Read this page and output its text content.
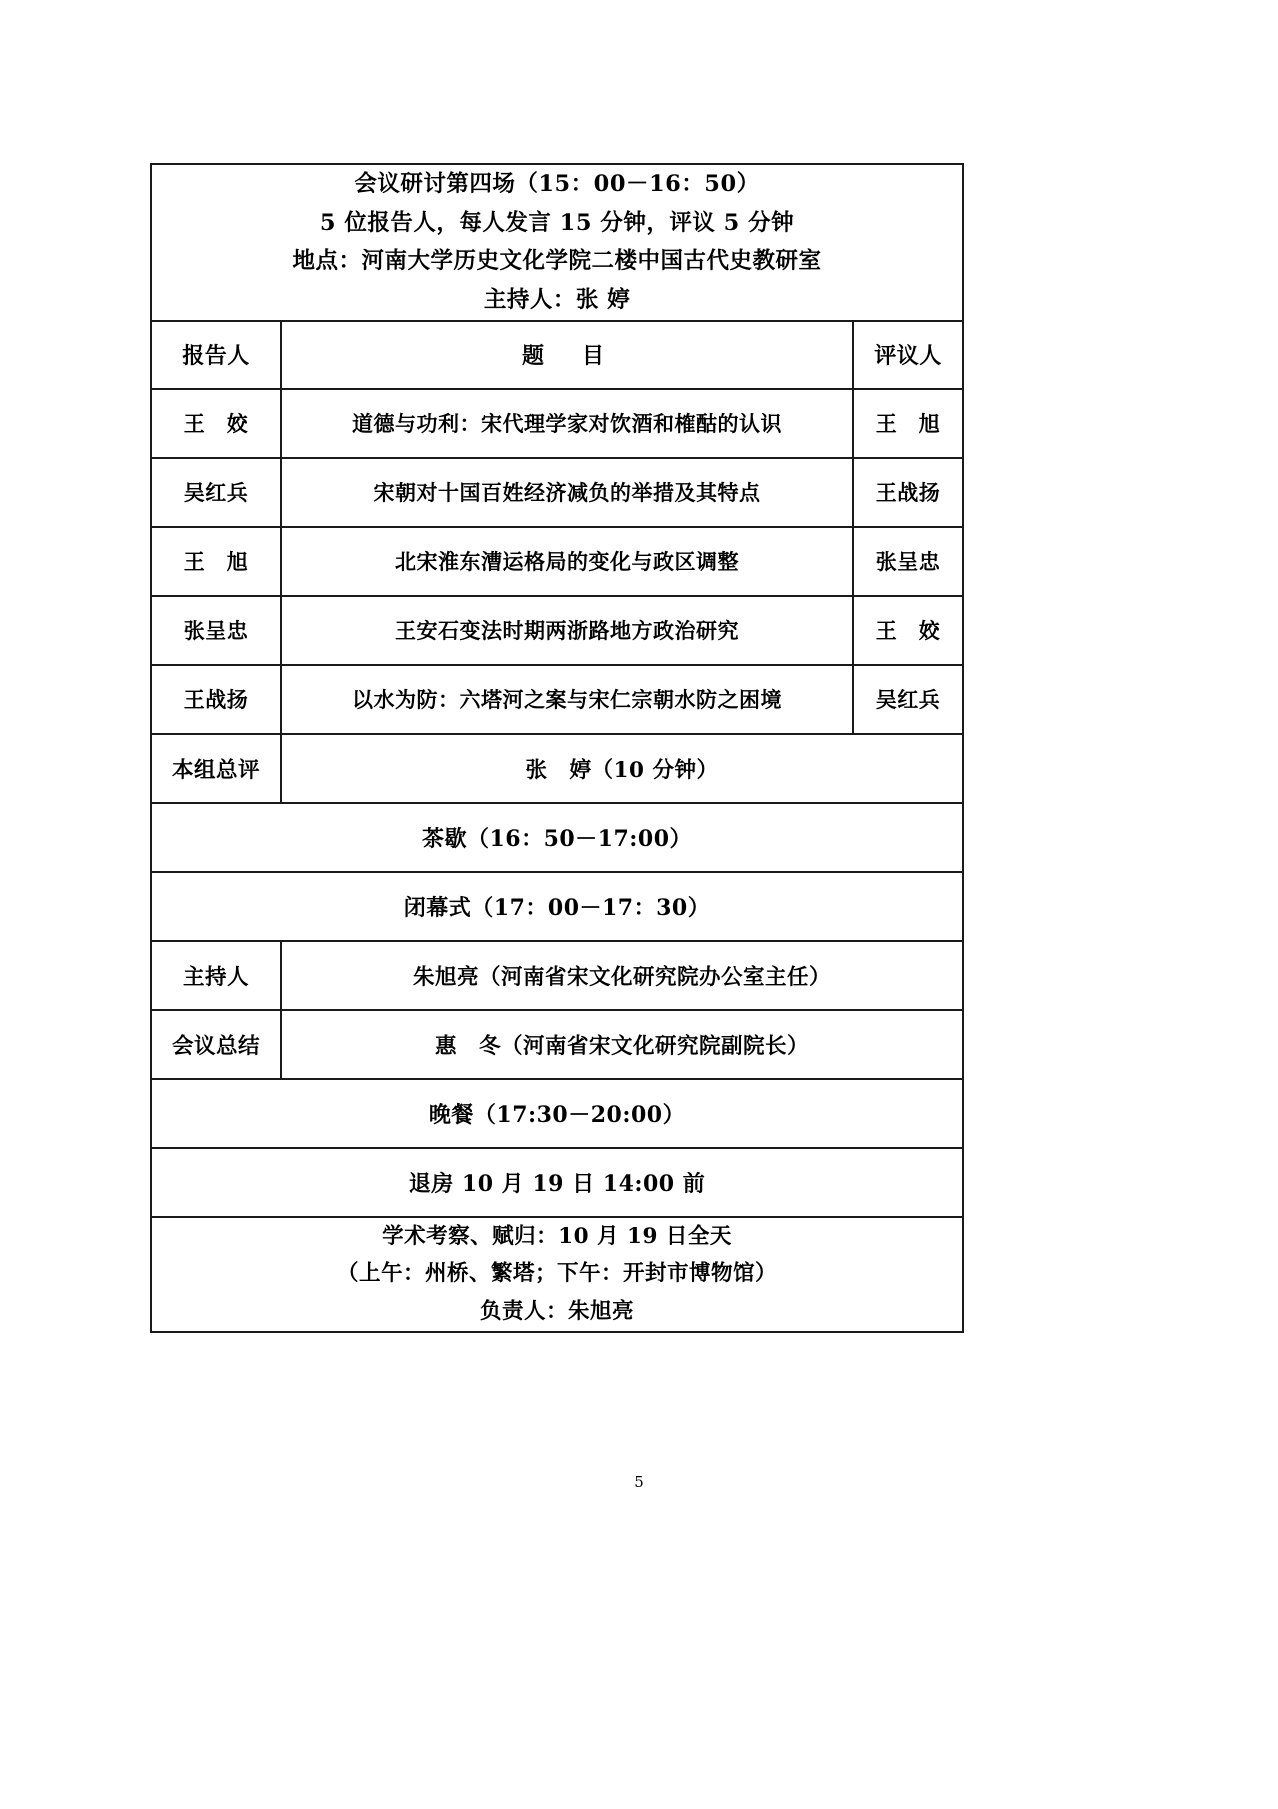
会议研讨第四场（15：00－16：50）
5 位报告人，每人发言 15 分钟，评议 5 分钟
地点：河南大学历史文化学院二楼中国古代史教研室
主持人：张 婷		

报告人	题　目	评议人
王　姣	道德与功利：宋代理学家对饮酒和榷酤的认识	王　旭
吴红兵	宋朝对十国百姓经济减负的举措及其特点	王战扬
王　旭	北宋淮东漕运格局的变化与政区调整	张呈忠
张呈忠	王安石变法时期两浙路地方政治研究	王　姣
王战扬	以水为防：六塔河之案与宋仁宗朝水防之困境	吴红兵
本组总评	张　婷（10 分钟）	
茶歇（16：50－17:00）		
闭幕式（17：00－17：30）		
主持人	朱旭亮（河南省宋文化研究院办公室主任）	
会议总结	惠　冬（河南省宋文化研究院副院长）	
晚餐（17:30－20:00）		
退房 10 月 19 日 14:00 前		

学术考察、赋归：10 月 19 日全天
（上午：州桥、繁塔；下午：开封市博物馆）
负责人：朱旭亮		
5
